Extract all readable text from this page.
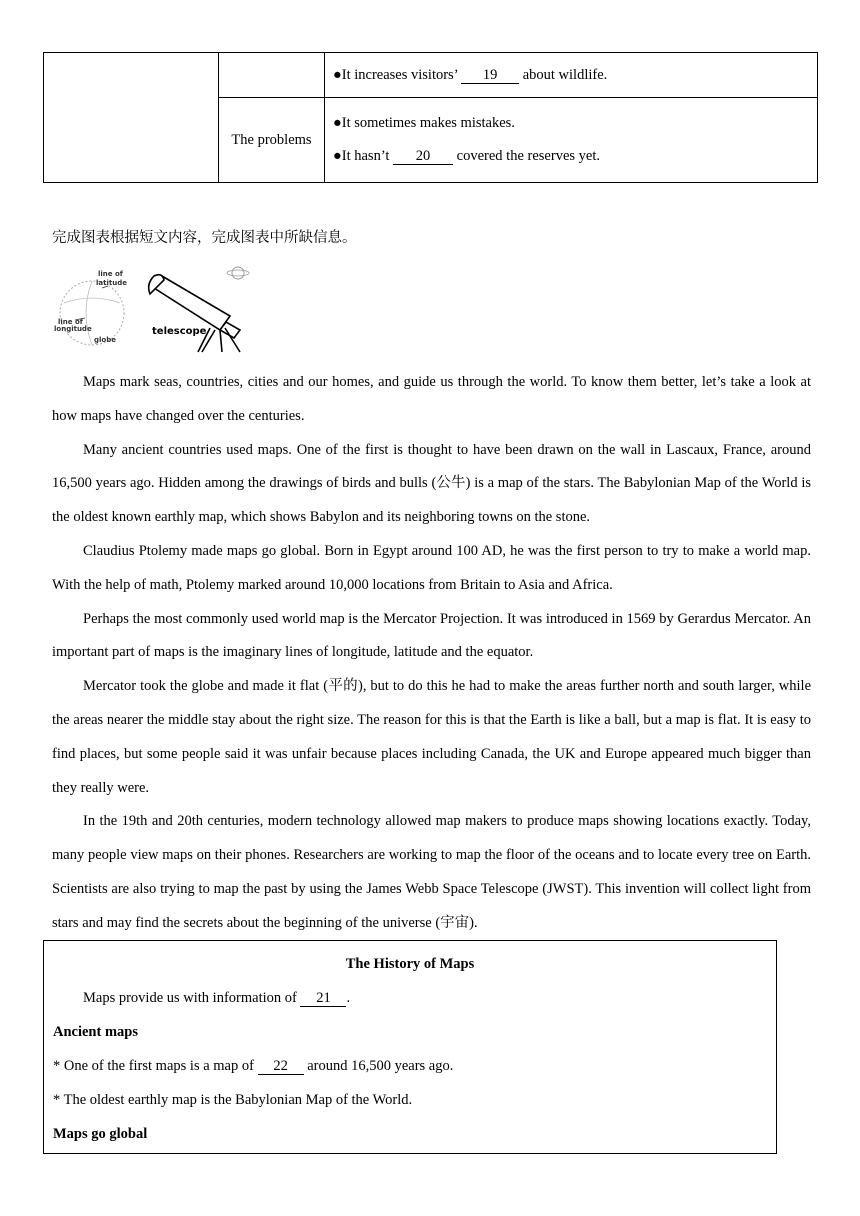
		●It increases visitors’ 19 about wildlife.

	The problems	●It sometimes makes mistakes.
●It hasn’t 20 covered the reserves yet.
完成图表根据短文内容，完成图表中所缺信息。
line of
latitude
line of
longitude
globe
telescope

Maps mark seas, countries, cities and our homes, and guide us through the world. To know them better, let’s take a look at how maps have changed over the centuries.

Many ancient countries used maps. One of the first is thought to have been drawn on the wall in Lascaux, France, around 16,500 years ago. Hidden among the drawings of birds and bulls (公牛) is a map of the stars. The Babylonian Map of the World is the oldest known earthly map, which shows Babylon and its neighboring towns on the stone.

Claudius Ptolemy made maps go global. Born in Egypt around 100 AD, he was the first person to try to make a world map. With the help of math, Ptolemy marked around 10,000 locations from Britain to Asia and Africa.

Perhaps the most commonly used world map is the Mercator Projection. It was introduced in 1569 by Gerardus Mercator. An important part of maps is the imaginary lines of longitude, latitude and the equator.

Mercator took the globe and made it flat (平的), but to do this he had to make the areas further north and south larger, while the areas nearer the middle stay about the right size. The reason for this is that the Earth is like a ball, but a map is flat. It is easy to find places, but some people said it was unfair because places including Canada, the UK and Europe appeared much bigger than they really were.

In the 19th and 20th centuries, modern technology allowed map makers to produce maps showing locations exactly. Today, many people view maps on their phones. Researchers are working to map the floor of the oceans and to locate every tree on Earth. Scientists are also trying to map the past by using the James Webb Space Telescope (JWST). This invention will collect light from stars and may find the secrets about the beginning of the universe (宇宙).

The History of Maps
Maps provide us with information of 21 .
Ancient maps
* One of the first maps is a map of 22 around 16,500 years ago.
* The oldest earthly map is the Babylonian Map of the World.
Maps go global
